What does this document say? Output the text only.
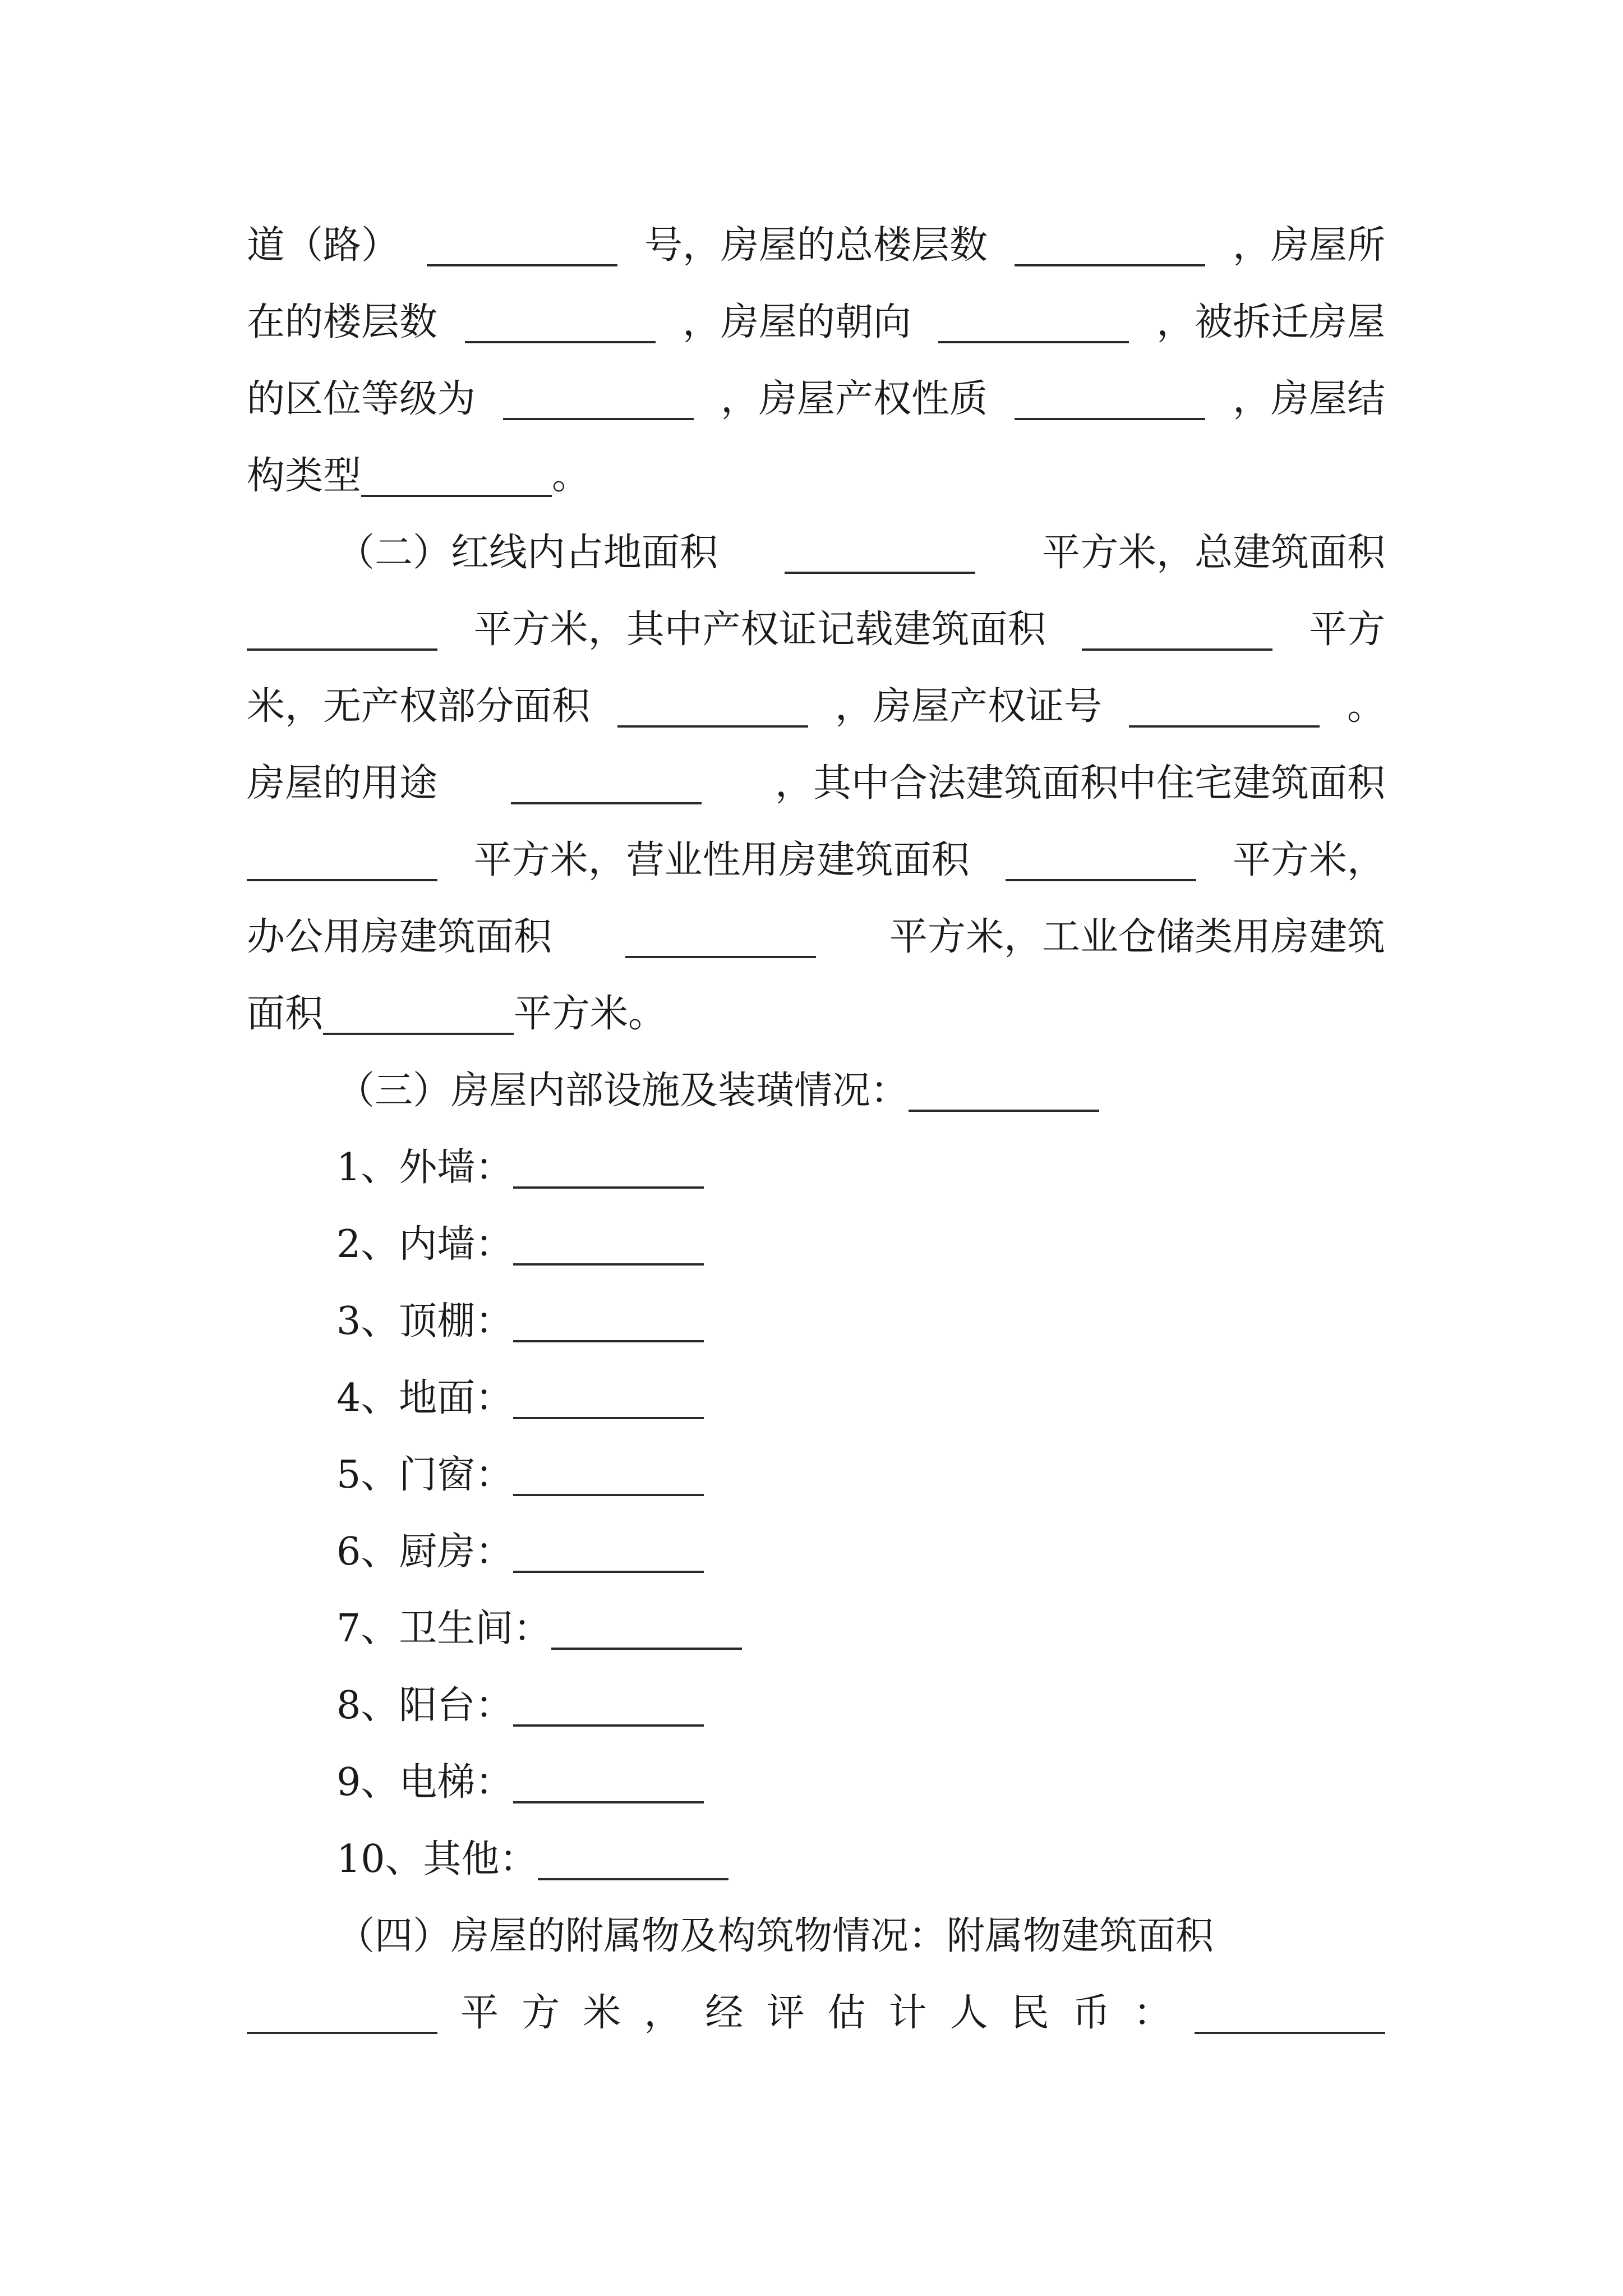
道（路）	号，房屋的总楼层数	，房屋所
在的楼层数	，房屋的朝向	，被拆迁房屋
的区位等级为	，房屋产权性质	，房屋结
构类型	。
（二）红线内占地面积	平方米，总建筑面积
平方米，其中产权证记载建筑面积	平方
米，无产权部分面积	，房屋产权证号	。
房屋的用途	，其中合法建筑面积中住宅建筑面积
平方米，营业性用房建筑面积	平方米，
办公用房建筑面积	平方米，工业仓储类用房建筑
面积	平方米。
（三）房屋内部设施及装璜情况：
1、外墙：
2、内墙：
3、顶棚：
4、地面：
5、门窗：
6、厨房：
7、卫生间：
8、阳台：
9、电梯：
10、其他：
（四）房屋的附属物及构筑物情况：附属物建筑面积
平 方 米 ， 经 评 估 计 人 民 币 ：
